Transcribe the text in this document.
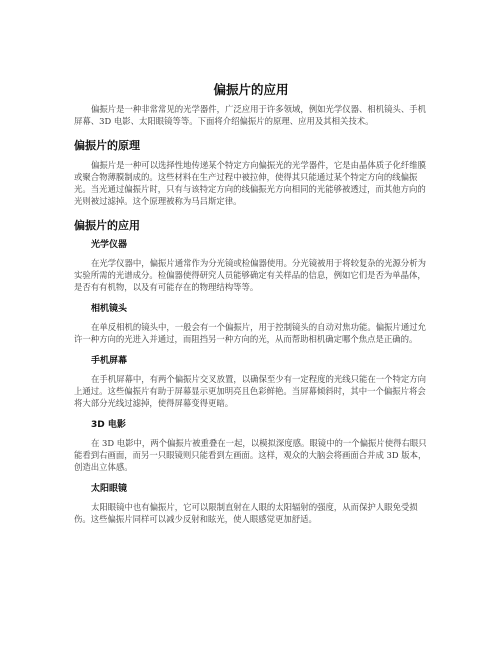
偏振片的应用

偏振片是一种非常常见的光学器件，广泛应用于许多领域，例如光学仪器、相机镜头、手机屏幕、3D 电影、太阳眼镜等等。下面将介绍偏振片的原理、应用及其相关技术。

偏振片的原理

偏振片是一种可以选择性地传递某个特定方向偏振光的光学器件，它是由晶体质子化纤维膜或聚合物薄膜制成的。这些材料在生产过程中被拉伸，使得其只能通过某个特定方向的线偏振光。当光通过偏振片时，只有与该特定方向的线偏振光方向相同的光能够被透过，而其他方向的光则被过滤掉。这个原理被称为马吕斯定律。

偏振片的应用
光学仪器

在光学仪器中，偏振片通常作为分光镜或检偏器使用。分光镜被用于将较复杂的光源分析为实验所需的光谱成分。检偏器使得研究人员能够确定有关样品的信息，例如它们是否为单晶体，是否有有机物，以及有可能存在的物理结构等等。

相机镜头

在单反相机的镜头中，一般会有一个偏振片，用于控制镜头的自动对焦功能。偏振片通过允许一种方向的光进入并通过，而阻挡另一种方向的光，从而帮助相机确定哪个焦点是正确的。

手机屏幕

在手机屏幕中，有两个偏振片交叉放置，以确保至少有一定程度的光线只能在一个特定方向上通过。这些偏振片有助于屏幕显示更加明亮且色彩鲜艳。当屏幕倾斜时，其中一个偏振片将会将大部分光线过滤掉，使得屏幕变得更暗。

3D 电影

在 3D 电影中，两个偏振片被重叠在一起，以模拟深度感。眼镜中的一个偏振片使得右眼只能看到右画面，而另一只眼镜则只能看到左画面。这样，观众的大脑会将画面合并成 3D 版本，创造出立体感。

太阳眼镜

太阳眼镜中也有偏振片，它可以限制直射在人眼的太阳辐射的强度，从而保护人眼免受损伤。这些偏振片同样可以减少反射和眩光，使人眼感觉更加舒适。
